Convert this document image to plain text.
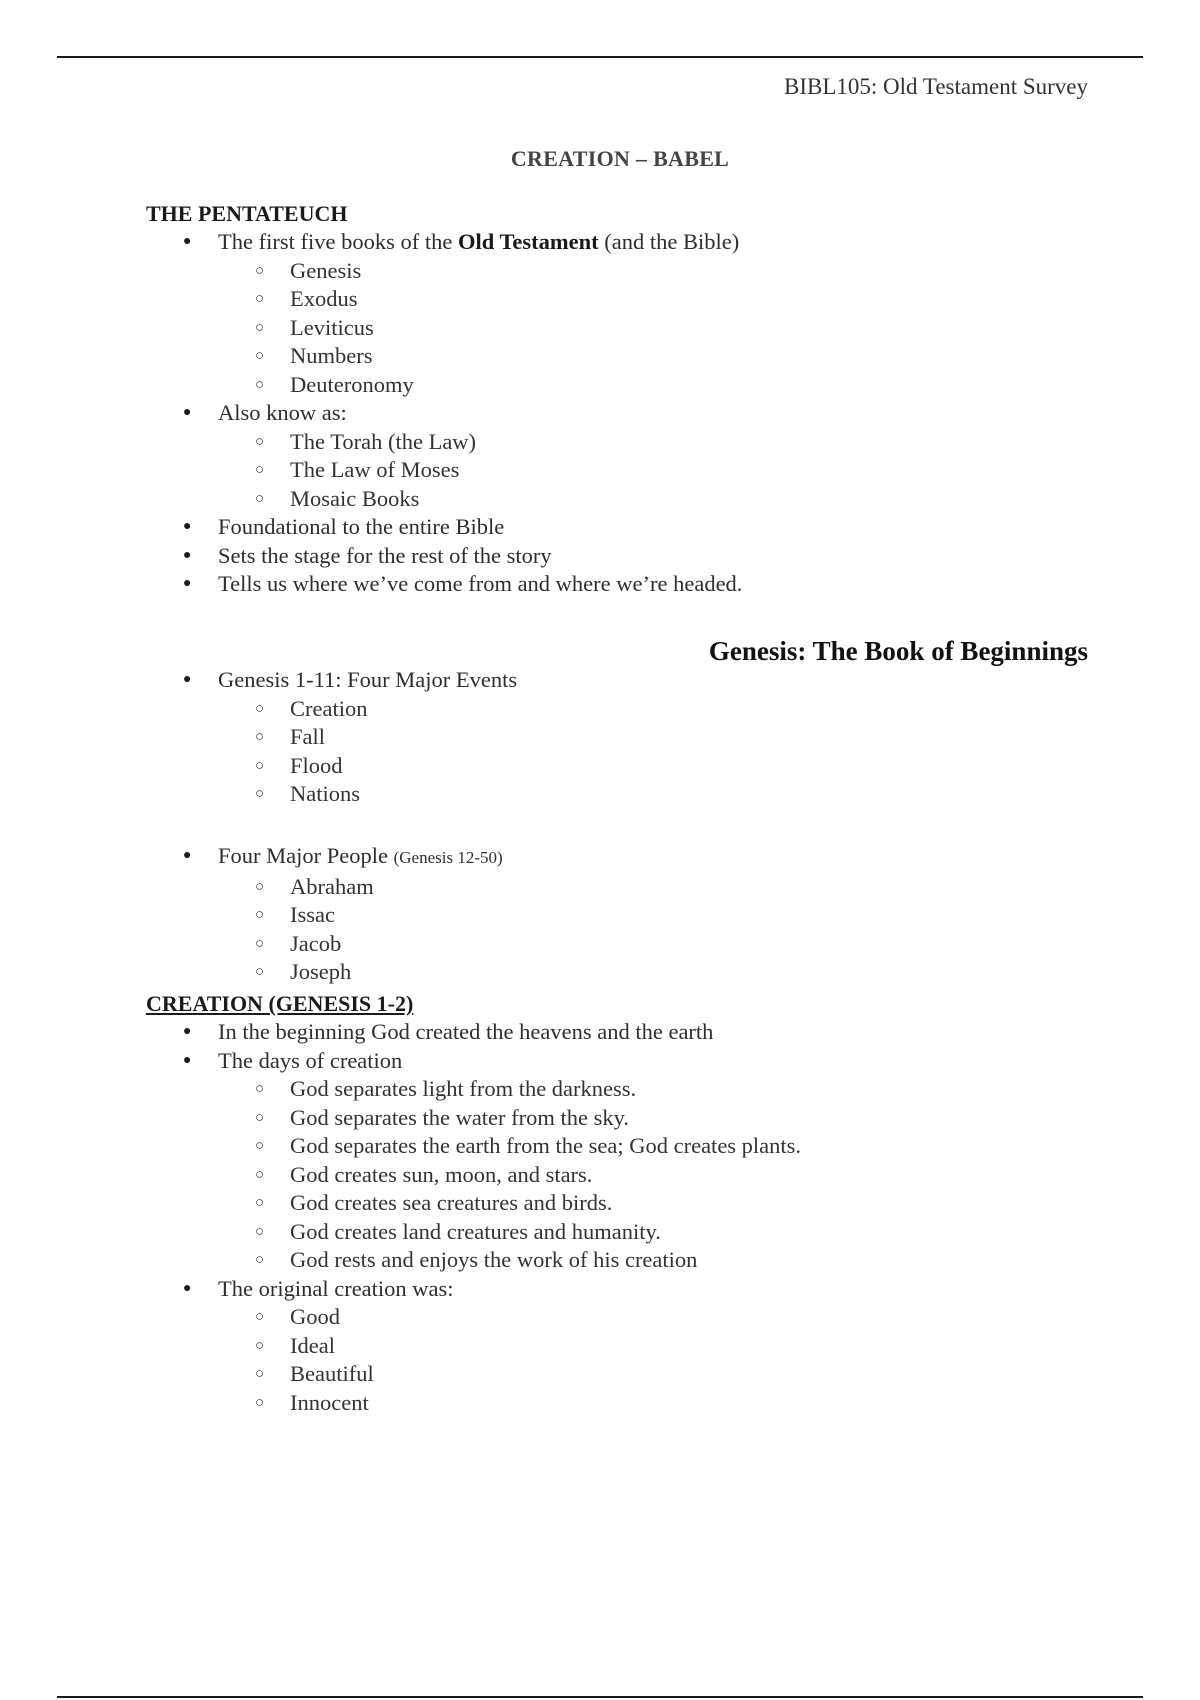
BIBL105: Old Testament Survey
CREATION – BABEL
THE PENTATEUCH
● The first five books of the Old Testament (and the Bible)
○ Genesis
○ Exodus
○ Leviticus
○ Numbers
○ Deuteronomy
● Also know as:
○ The Torah (the Law)
○ The Law of Moses
○ Mosaic Books
● Foundational to the entire Bible
● Sets the stage for the rest of the story
● Tells us where we’ve come from and where we’re headed.
Genesis: The Book of Beginnings
● Genesis 1-11: Four Major Events
○ Creation
○ Fall
○ Flood
○ Nations
● Four Major People (Genesis 12-50)
○ Abraham
○ Issac
○ Jacob
○ Joseph
CREATION (GENESIS 1-2)
● In the beginning God created the heavens and the earth
● The days of creation
○ God separates light from the darkness.
○ God separates the water from the sky.
○ God separates the earth from the sea; God creates plants.
○ God creates sun, moon, and stars.
○ God creates sea creatures and birds.
○ God creates land creatures and humanity.
○ God rests and enjoys the work of his creation
● The original creation was:
○ Good
○ Ideal
○ Beautiful
○ Innocent
